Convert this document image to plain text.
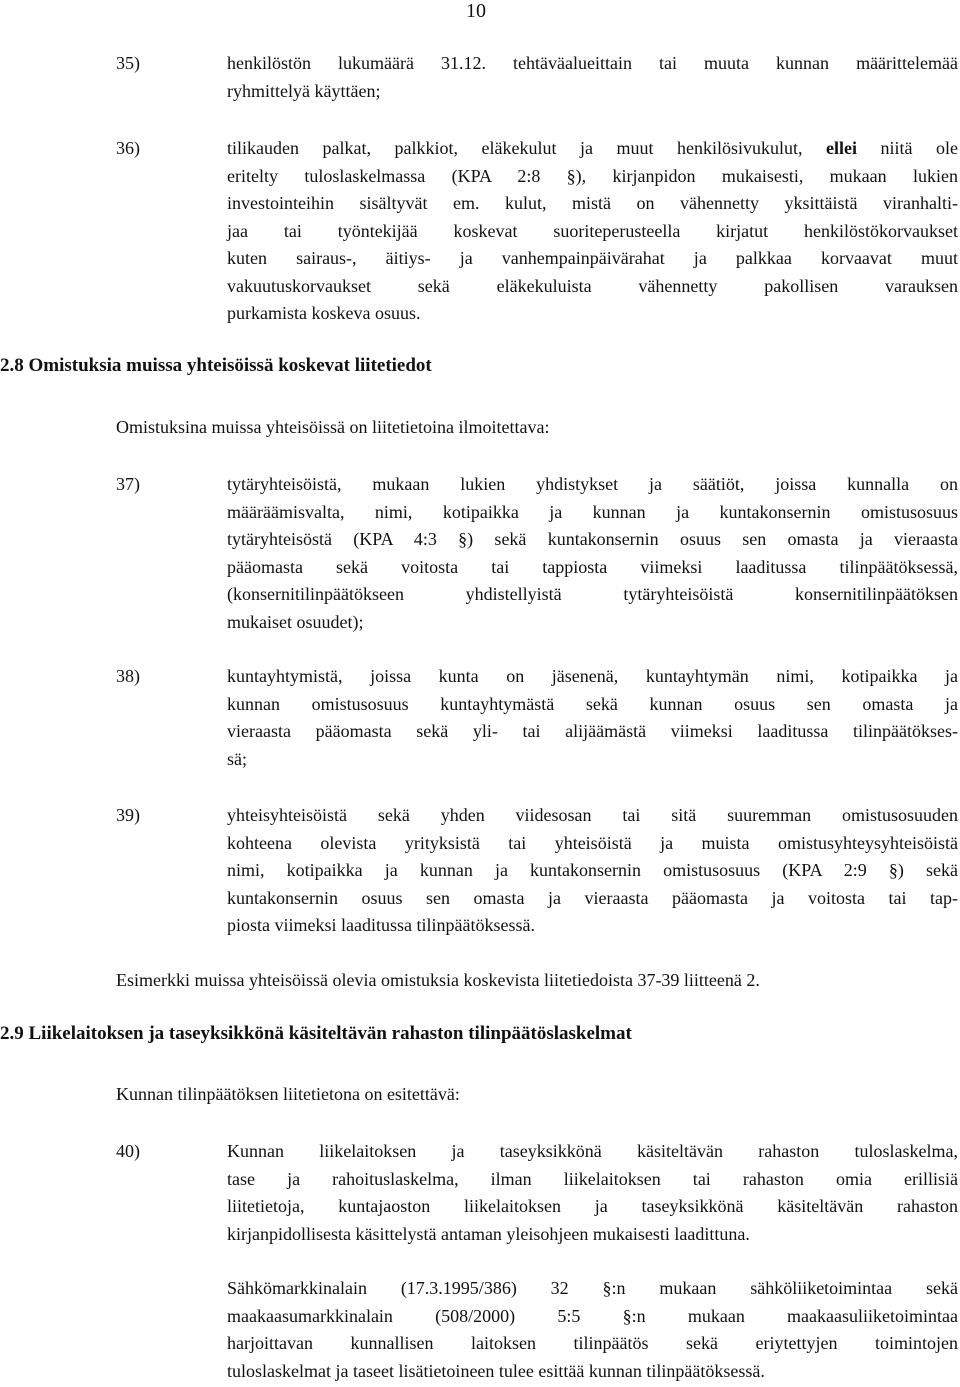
10
35)	henkilöstön lukumäärä 31.12. tehtäväalueittain tai muuta kunnan määrittelemää
ryhmittelyä käyttäen;
36)	tilikauden palkat, palkkiot, eläkekulut ja muut henkilösivukulut, ellei niitä ole
eritelty tuloslaskelmassa (KPA 2:8 §), kirjanpidon mukaisesti, mukaan lukien
investointeihin sisältyvät em. kulut, mistä on vähennetty yksittäistä viranhalti-
jaa tai työntekijää koskevat suoriteperusteella kirjatut henkilöstökorvaukset
kuten sairaus-, äitiys- ja vanhempainpäivärahat ja palkkaa korvaavat muut
vakuutuskorvaukset sekä eläkekuluista vähennetty pakollisen varauksen
purkamista koskeva osuus.
2.8 Omistuksia muissa yhteisöissä koskevat liitetiedot
Omistuksina muissa yhteisöissä on liitetietoina ilmoitettava:
37)	tytäryhteisöistä, mukaan lukien yhdistykset ja säätiöt, joissa kunnalla on
määräämisvalta, nimi, kotipaikka ja kunnan ja kuntakonsernin omistusosuus
tytäryhteisöstä (KPA 4:3 §) sekä kuntakonsernin osuus sen omasta ja vieraasta
pääomasta sekä voitosta tai tappiosta viimeksi laaditussa tilinpäätöksessä,
(konsernitilinpäätökseen yhdistellyistä tytäryhteisöistä konsernitilinpäätöksen
mukaiset osuudet);
38)	kuntayhtymistä, joissa kunta on jäsenenä, kuntayhtymän nimi, kotipaikka ja
kunnan omistusosuus kuntayhtymästä sekä kunnan osuus sen omasta ja
vieraasta pääomasta sekä yli- tai alijäämästä viimeksi laaditussa tilinpäätökses-
sä;
39)	yhteisyhteisöistä sekä yhden viidesosan tai sitä suuremman omistusosuuden
kohteena olevista yrityksistä tai yhteisöistä ja muista omistusyhteysyhteisöistä
nimi, kotipaikka ja kunnan ja kuntakonsernin omistusosuus (KPA 2:9 §) sekä
kuntakonsernin osuus sen omasta ja vieraasta pääomasta ja voitosta tai tap-
piosta viimeksi laaditussa tilinpäätöksessä.
Esimerkki muissa yhteisöissä olevia omistuksia koskevista liitetiedoista 37-39 liitteenä 2.
2.9 Liikelaitoksen ja taseyksikkönä käsiteltävän rahaston tilinpäätöslaskelmat
Kunnan tilinpäätöksen liitetietona on esitettävä:
40)	Kunnan liikelaitoksen ja taseyksikkönä käsiteltävän rahaston tuloslaskelma,
tase ja rahoituslaskelma, ilman liikelaitoksen tai rahaston omia erillisiä
liitetietoja, kuntajaoston liikelaitoksen ja taseyksikkönä käsiteltävän rahaston
kirjanpidollisesta käsittelystä antaman yleisohjeen mukaisesti laadittuna.
Sähkömarkkinalain (17.3.1995/386) 32 §:n mukaan sähköliiketoimintaa sekä
maakaasumarkkinalain (508/2000) 5:5 §:n mukaan maakaasuliiketoimintaa
harjoittavan kunnallisen laitoksen tilinpäätös sekä eriytettyjen toimintojen
tuloslaskelmat ja taseet lisätietoineen tulee esittää kunnan tilinpäätöksessä.
